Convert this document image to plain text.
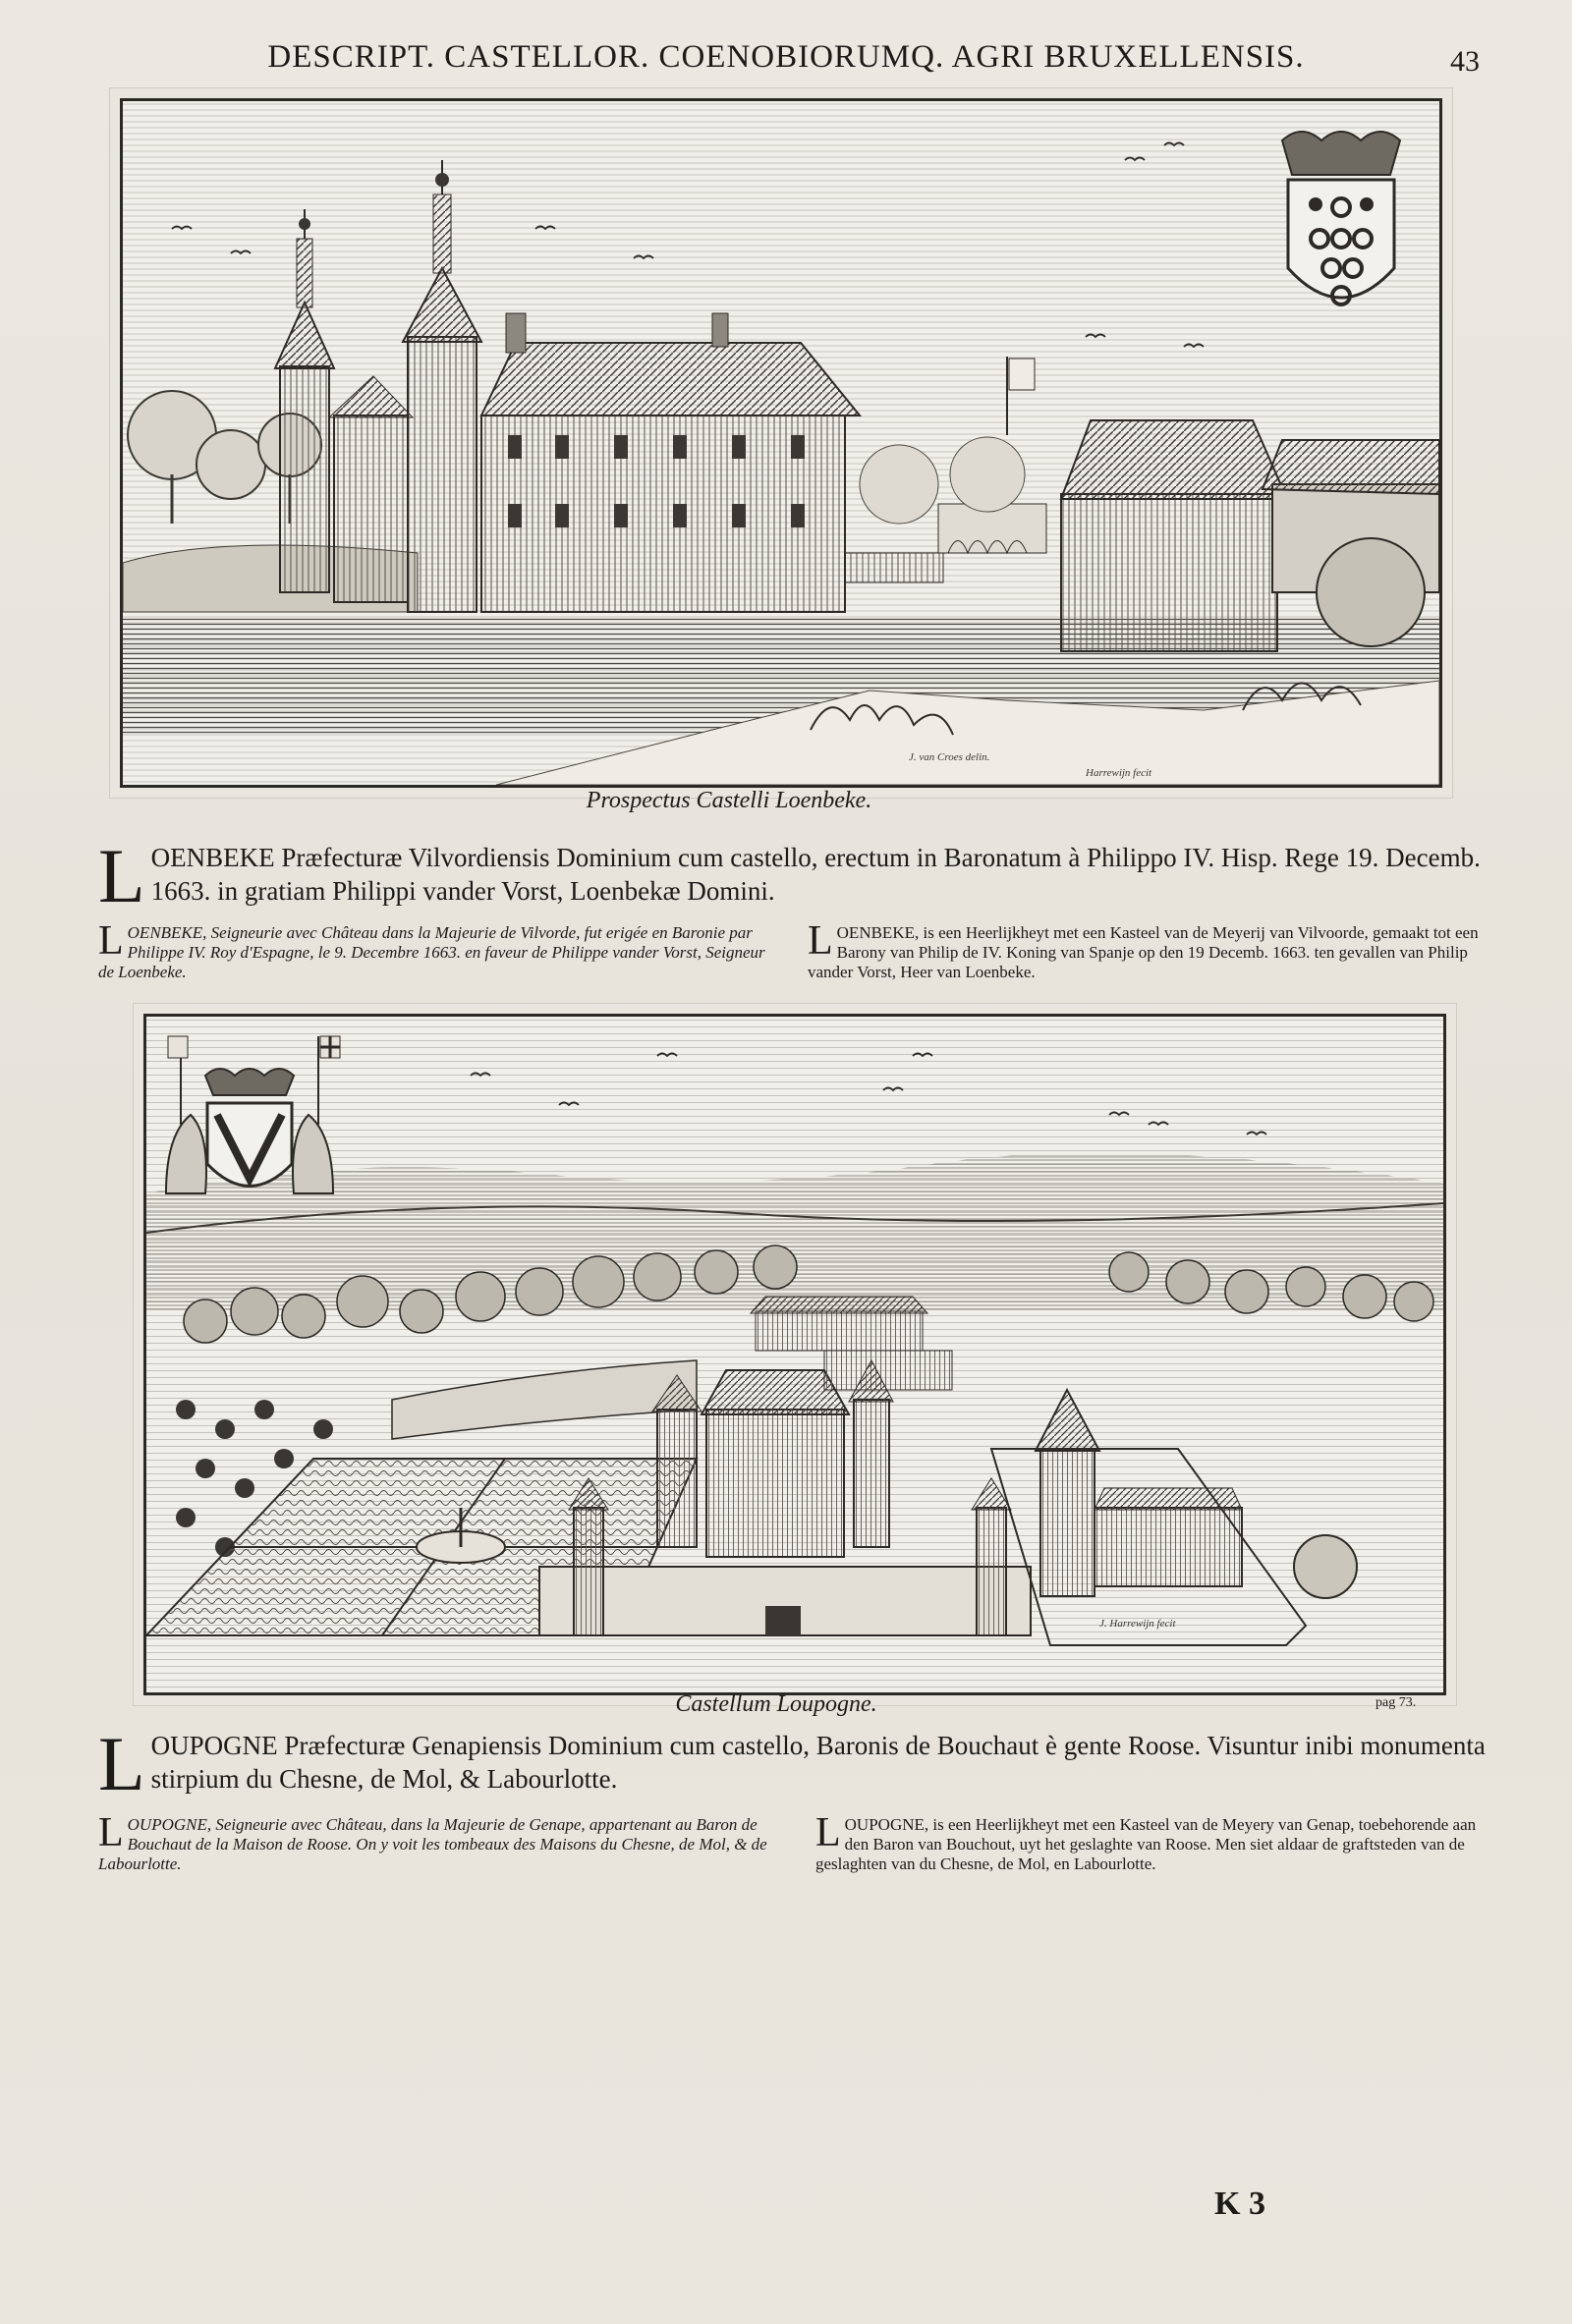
DESCRIPT. CASTELLOR. COENOBIORUMQ. AGRI BRUXELLENSIS.	43
J. van Croes delin.
Harrewijn fecit
Prospectus Castelli Loenbeke.
L OENBEKE Præfecturæ Vilvordiensis Dominium cum castello, erectum in Baronatum à Philippo IV. Hisp. Rege 19. Decemb. 1663. in gratiam Philippi vander Vorst, Loenbekæ Domini.
L OENBEKE, Seigneurie avec Château dans la Majeurie de Vilvorde, fut erigée en Baronie par Philippe IV. Roy d'Espagne, le 9. Decembre 1663. en faveur de Philippe vander Vorst, Seigneur de Loenbeke.
L OENBEKE, is een Heerlijkheyt met een Kasteel van de Meyerij van Vilvoorde, gemaakt tot een Barony van Philip de IV. Koning van Spanje op den 19 Decemb. 1663. ten gevallen van Philip vander Vorst, Heer van Loenbeke.
J. Harrewijn fecit
Castellum Loupogne.	pag 73.
L OUPOGNE Præfecturæ Genapiensis Dominium cum castello, Baronis de Bouchaut è gente Roose. Visuntur inibi monumenta stirpium du Chesne, de Mol, & Labourlotte.
L OUPOGNE, Seigneurie avec Château, dans la Majeurie de Genape, appartenant au Baron de Bouchaut de la Maison de Roose. On y voit les tombeaux des Maisons du Chesne, de Mol, & de Labourlotte.
L OUPOGNE, is een Heerlijkheyt met een Kasteel van de Meyery van Genap, toebehorende aan den Baron van Bouchout, uyt het geslaghte van Roose. Men siet aldaar de graftsteden van de geslaghten van du Chesne, de Mol, en Labourlotte.
K 3
